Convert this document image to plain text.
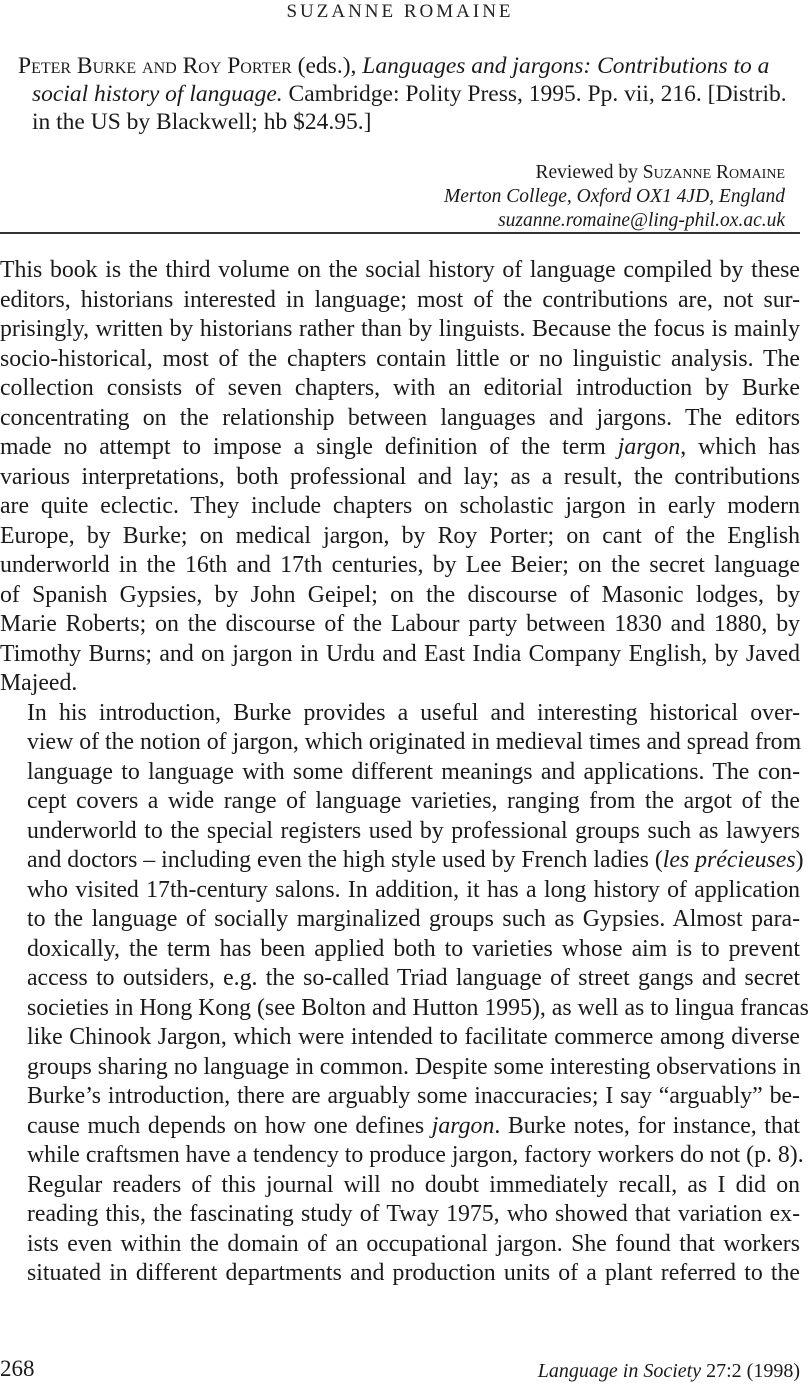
SUZANNE ROMAINE
Peter Burke and Roy Porter (eds.), Languages and jargons: Contributions to a social history of language. Cambridge: Polity Press, 1995. Pp. vii, 216. [Distrib. in the US by Blackwell; hb $24.95.]
Reviewed by Suzanne Romaine
Merton College, Oxford OX1 4JD, England
suzanne.romaine@ling-phil.ox.ac.uk

This book is the third volume on the social history of language compiled by these
editors, historians interested in language; most of the contributions are, not sur-
prisingly, written by historians rather than by linguists. Because the focus is mainly
socio-historical, most of the chapters contain little or no linguistic analysis. The
collection consists of seven chapters, with an editorial introduction by Burke
concentrating on the relationship between languages and jargons. The editors
made no attempt to impose a single definition of the term jargon, which has
various interpretations, both professional and lay; as a result, the contributions
are quite eclectic. They include chapters on scholastic jargon in early modern
Europe, by Burke; on medical jargon, by Roy Porter; on cant of the English
underworld in the 16th and 17th centuries, by Lee Beier; on the secret language
of Spanish Gypsies, by John Geipel; on the discourse of Masonic lodges, by
Marie Roberts; on the discourse of the Labour party between 1830 and 1880, by
Timothy Burns; and on jargon in Urdu and East India Company English, by Javed
Majeed.

In his introduction, Burke provides a useful and interesting historical over-
view of the notion of jargon, which originated in medieval times and spread from
language to language with some different meanings and applications. The con-
cept covers a wide range of language varieties, ranging from the argot of the
underworld to the special registers used by professional groups such as lawyers
and doctors – including even the high style used by French ladies (les précieuses)
who visited 17th-century salons. In addition, it has a long history of application
to the language of socially marginalized groups such as Gypsies. Almost para-
doxically, the term has been applied both to varieties whose aim is to prevent
access to outsiders, e.g. the so-called Triad language of street gangs and secret
societies in Hong Kong (see Bolton and Hutton 1995), as well as to lingua francas
like Chinook Jargon, which were intended to facilitate commerce among diverse
groups sharing no language in common. Despite some interesting observations in
Burke’s introduction, there are arguably some inaccuracies; I say “arguably” be-
cause much depends on how one defines jargon. Burke notes, for instance, that
while craftsmen have a tendency to produce jargon, factory workers do not (p. 8).
Regular readers of this journal will no doubt immediately recall, as I did on
reading this, the fascinating study of Tway 1975, who showed that variation ex-
ists even within the domain of an occupational jargon. She found that workers
situated in different departments and production units of a plant referred to the

268	Language in Society 27:2 (1998)
